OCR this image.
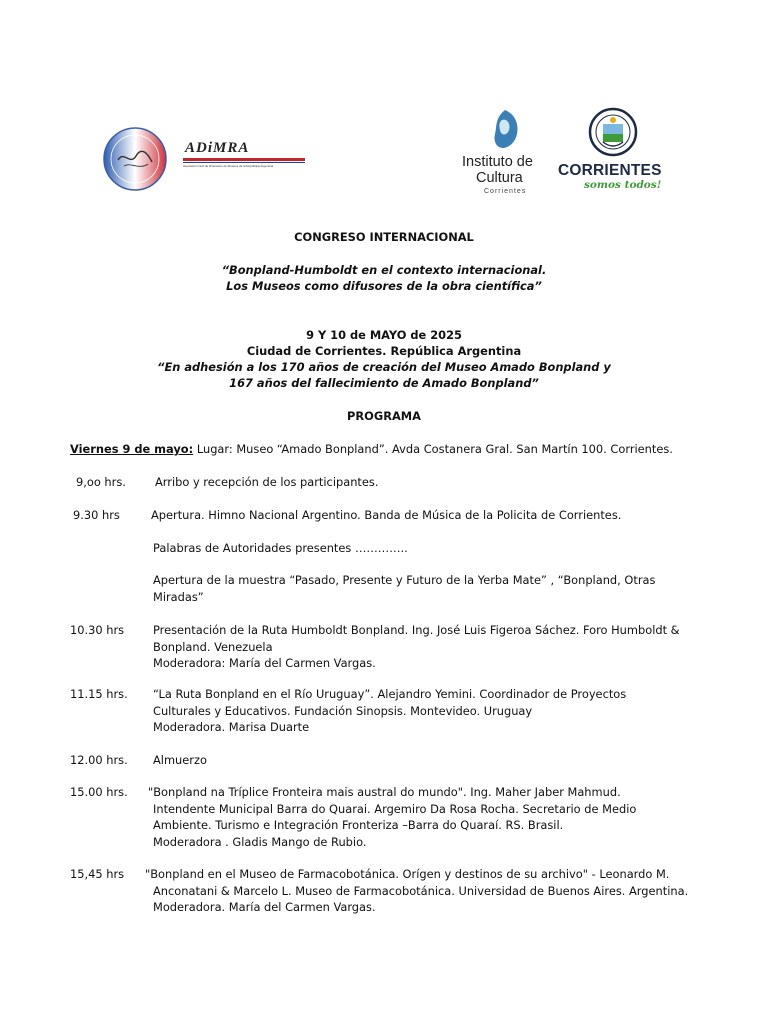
ADiMRA
Asociación Civil de Directores de Museos de la República Argentina	Instituto de
Cultura
Corrientes
CORRIENTES
somos todos!
CONGRESO INTERNACIONAL
“Bonpland-Humboldt en el contexto internacional.
Los Museos como difusores de la obra científica”
9 Y 10 de MAYO de 2025
Ciudad de Corrientes. República Argentina
“En adhesión a los 170 años de creación del Museo Amado Bonpland y
167 años del fallecimiento de Amado Bonpland”
PROGRAMA
Viernes 9 de mayo: Lugar: Museo “Amado Bonpland”. Avda Costanera Gral. San Martín 100. Corrientes.
9,oo hrs.	Arribo y recepción de los participantes.
9.30 hrs	Apertura. Himno Nacional Argentino. Banda de Música de la Policita de Corrientes.
Palabras de Autoridades presentes …………..
Apertura de la muestra “Pasado, Presente y Futuro de la Yerba Mate” , “Bonpland, Otras
Miradas”
10.30 hrs	Presentación de la Ruta Humboldt Bonpland. Ing. José Luis Figeroa Sáchez. Foro Humboldt &
Bonpland. Venezuela
Moderadora: María del Carmen Vargas.
11.15 hrs. “La Ruta Bonpland en el Río Uruguay”. Alejandro Yemini. Coordinador de Proyectos
Culturales y Educativos. Fundación Sinopsis. Montevideo. Uruguay
Moderadora. Marisa Duarte
12.00 hrs. Almuerzo
15.00 hrs. "Bonpland na Tríplice Fronteira mais austral do mundo". Ing. Maher Jaber Mahmud.
Intendente Municipal Barra do Quarai. Argemiro Da Rosa Rocha. Secretario de Medio
Ambiente. Turismo e Integración Fronteriza –Barra do Quaraí. RS. Brasil.
Moderadora . Gladis Mango de Rubio.
15,45 hrs "Bonpland en el Museo de Farmacobotánica. Orígen y destinos de su archivo" - Leonardo M.
Anconatani & Marcelo L. Museo de Farmacobotánica. Universidad de Buenos Aires. Argentina.
Moderadora. María del Carmen Vargas.
